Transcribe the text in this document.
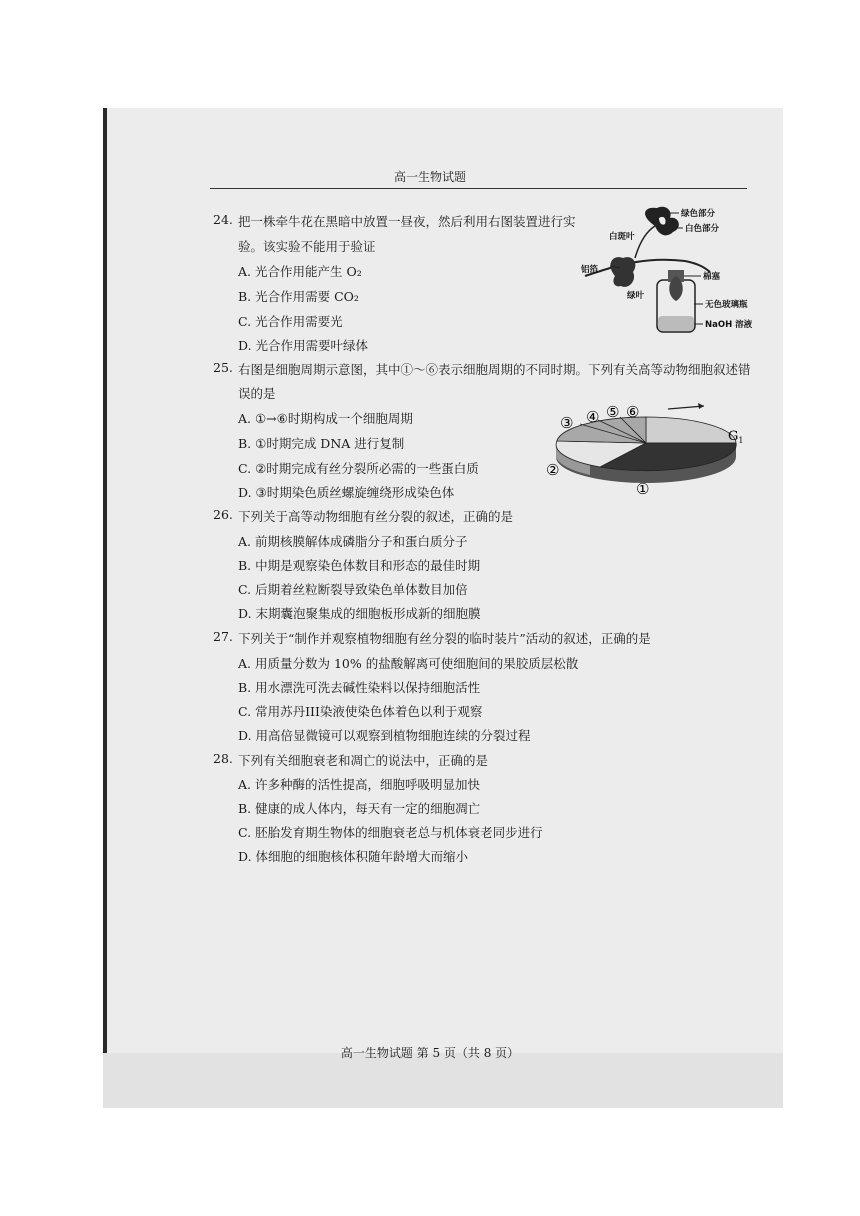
高一生物试题
24. 把一株牵牛花在黑暗中放置一昼夜，然后利用右图装置进行实
验。该实验不能用于验证
A. 光合作用能产生 O₂
B. 光合作用需要 CO₂
C. 光合作用需要光
D. 光合作用需要叶绿体
白斑叶
绿色部分
白色部分
铝箔
棉塞
绿叶
无色玻璃瓶
NaOH 溶液
25. 右图是细胞周期示意图，其中①～⑥表示细胞周期的不同时期。下列有关高等动物细胞叙述错
误的是
A. ①→⑥时期构成一个细胞周期
B. ①时期完成 DNA 进行复制
C. ②时期完成有丝分裂所必需的一些蛋白质
D. ③时期染色质丝螺旋缠绕形成染色体
③ ④ ⑤ ⑥
$G_1$
②
①
26. 下列关于高等动物细胞有丝分裂的叙述，正确的是
A. 前期核膜解体成磷脂分子和蛋白质分子
B. 中期是观察染色体数目和形态的最佳时期
C. 后期着丝粒断裂导致染色单体数目加倍
D. 末期囊泡聚集成的细胞板形成新的细胞膜
27. 下列关于“制作并观察植物细胞有丝分裂的临时装片”活动的叙述，正确的是
A. 用质量分数为 10% 的盐酸解离可使细胞间的果胶质层松散
B. 用水漂洗可洗去碱性染料以保持细胞活性
C. 常用苏丹III染液使染色体着色以利于观察
D. 用高倍显微镜可以观察到植物细胞连续的分裂过程
28. 下列有关细胞衰老和凋亡的说法中，正确的是
A. 许多种酶的活性提高，细胞呼吸明显加快
B. 健康的成人体内，每天有一定的细胞凋亡
C. 胚胎发育期生物体的细胞衰老总与机体衰老同步进行
D. 体细胞的细胞核体积随年龄增大而缩小
高一生物试题 第 5 页（共 8 页）
